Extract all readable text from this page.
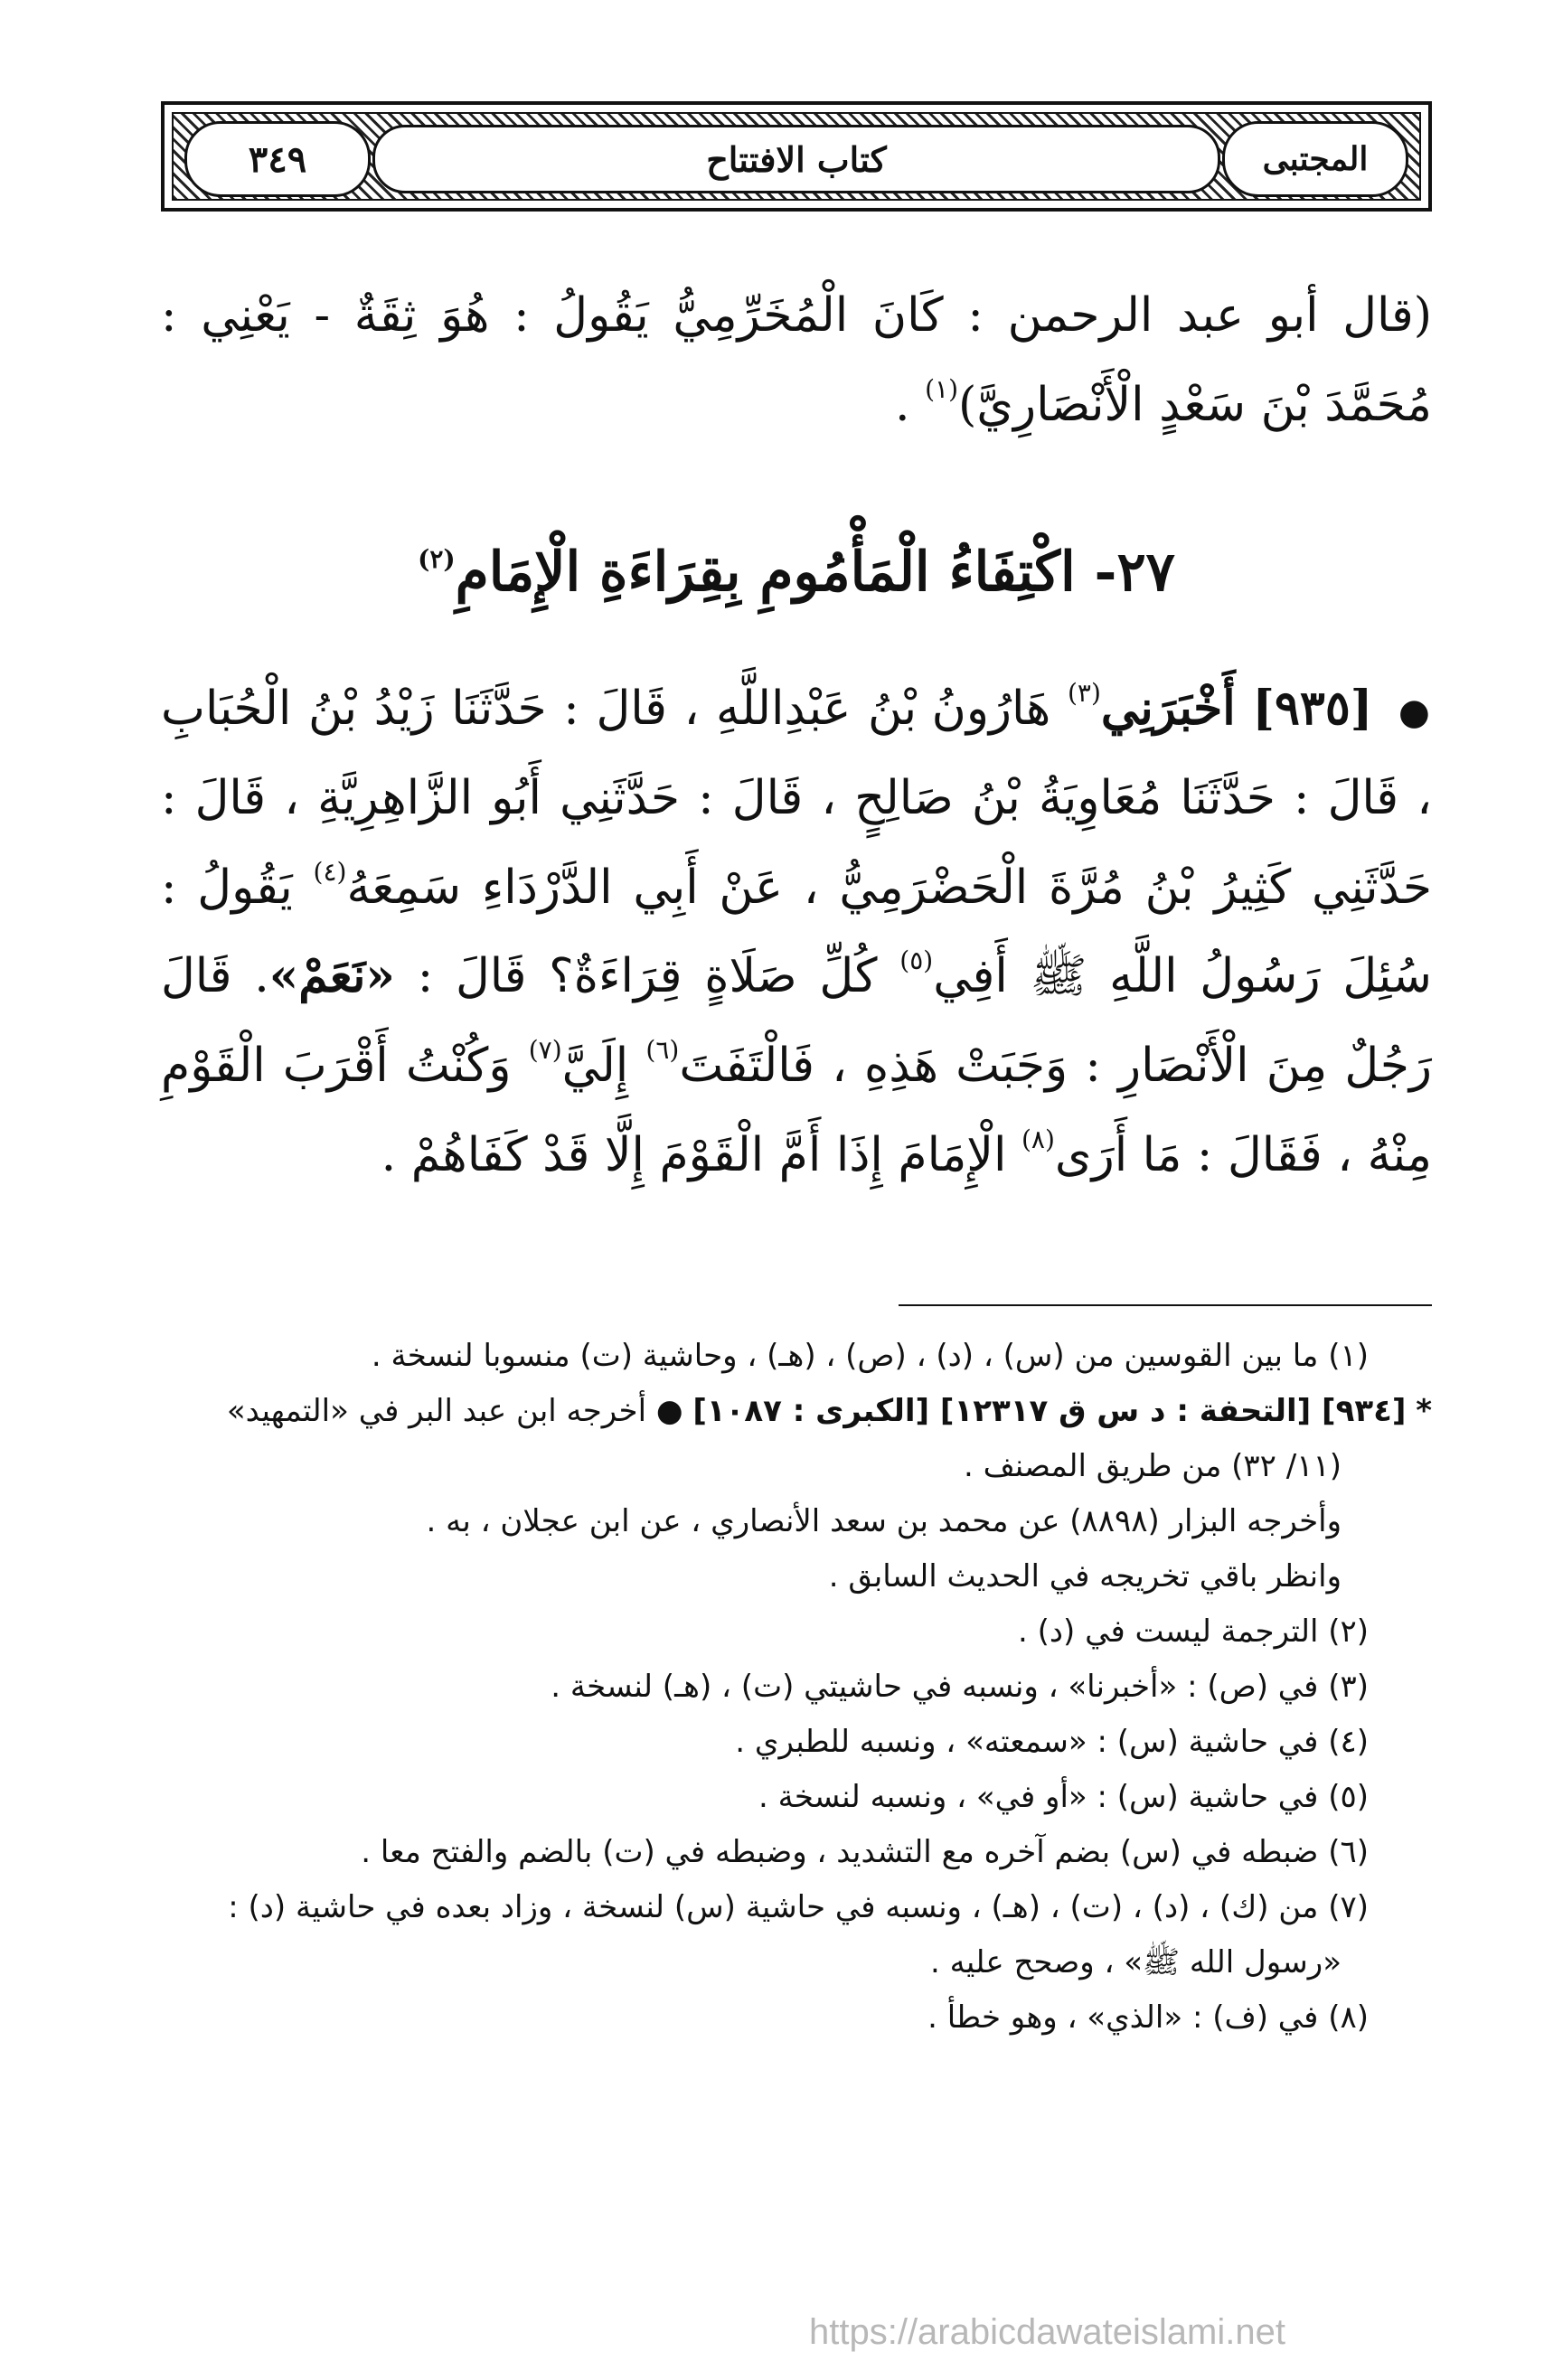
المجتبى
كتاب الافتتاح
٣٤٩
(قال أبو عبد الرحمن : كَانَ الْمُخَرِّمِيُّ يَقُولُ : هُوَ ثِقَةٌ - يَعْنِي : مُحَمَّدَ بْنَ سَعْدٍ الْأَنْصَارِيَّ)$^{(١)}$ .
٢٧- اكْتِفَاءُ الْمَأْمُومِ بِقِرَاءَةِ الْإِمَامِ$^{(٢)}$
● [٩٣٥] أَخْبَرَنِي$^{(٣)}$ هَارُونُ بْنُ عَبْدِاللَّهِ ، قَالَ : حَدَّثَنَا زَيْدُ بْنُ الْحُبَابِ ، قَالَ : حَدَّثَنَا مُعَاوِيَةُ بْنُ صَالِحٍ ، قَالَ : حَدَّثَنِي أَبُو الزَّاهِرِيَّةِ ، قَالَ : حَدَّثَنِي كَثِيرُ بْنُ مُرَّةَ الْحَضْرَمِيُّ ، عَنْ أَبِي الدَّرْدَاءِ سَمِعَهُ$^{(٤)}$ يَقُولُ : سُئِلَ رَسُولُ اللَّهِ ﷺ أَفِي$^{(٥)}$ كُلِّ صَلَاةٍ قِرَاءَةٌ؟ قَالَ : «نَعَمْ». قَالَ رَجُلٌ مِنَ الْأَنْصَارِ : وَجَبَتْ هَذِهِ ، فَالْتَفَتَ$^{(٦)}$ إِلَيَّ$^{(٧)}$ وَكُنْتُ أَقْرَبَ الْقَوْمِ مِنْهُ ، فَقَالَ : مَا أَرَى$^{(٨)}$ الْإِمَامَ إِذَا أَمَّ الْقَوْمَ إِلَّا قَدْ كَفَاهُمْ .
(١) ما بين القوسين من (س) ، (د) ، (ص) ، (هـ) ، وحاشية (ت) منسوبا لنسخة .
* [٩٣٤] [التحفة : د س ق ١٢٣١٧] [الكبرى : ١٠٨٧] ● أخرجه ابن عبد البر في «التمهيد»
(١١/ ٣٢) من طريق المصنف .
وأخرجه البزار (٨٨٩٨) عن محمد بن سعد الأنصاري ، عن ابن عجلان ، به .
وانظر باقي تخريجه في الحديث السابق .
(٢) الترجمة ليست في (د) .
(٣) في (ص) : «أخبرنا» ، ونسبه في حاشيتي (ت) ، (هـ) لنسخة .
(٤) في حاشية (س) : «سمعته» ، ونسبه للطبري .
(٥) في حاشية (س) : «أو في» ، ونسبه لنسخة .
(٦) ضبطه في (س) بضم آخره مع التشديد ، وضبطه في (ت) بالضم والفتح معا .
(٧) من (ك) ، (د) ، (ت) ، (هـ) ، ونسبه في حاشية (س) لنسخة ، وزاد بعده في حاشية (د) :
«رسول الله ﷺ» ، وصحح عليه .
(٨) في (ف) : «الذي» ، وهو خطأ .
https://arabicdawateislami.net
